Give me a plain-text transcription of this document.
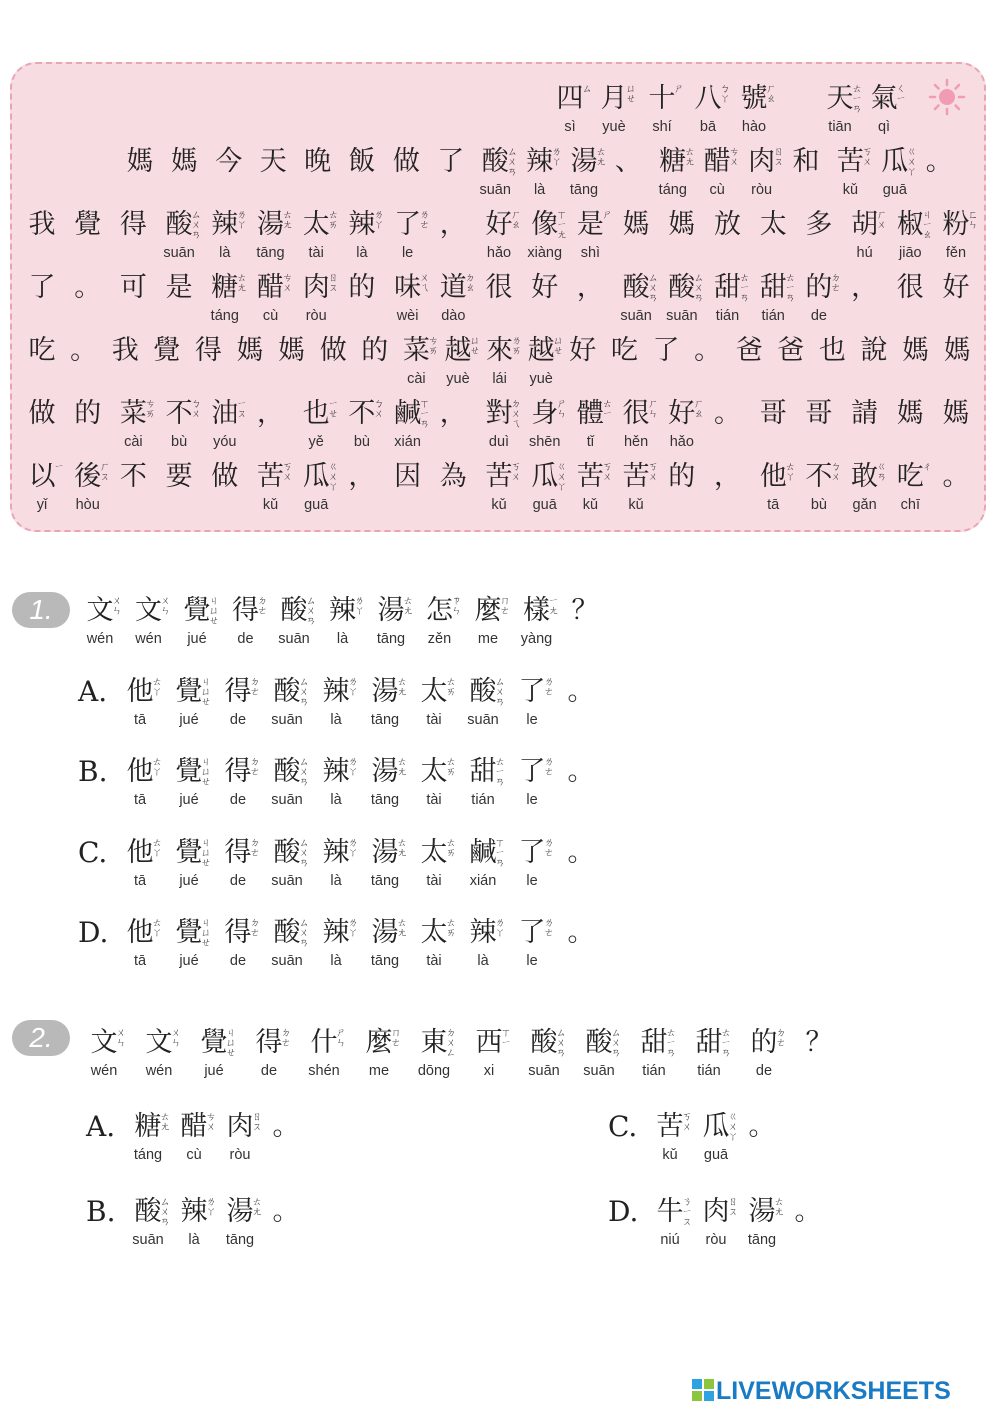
四
ㄙ
sì
月
ㄩㄝ
yuè
十
ㄕ
shí
八
ㄅㄚ
bā
號
ㄏㄠ
hào
天
ㄊㄧㄢ
tiān
氣
ㄑㄧ
qì
媽 媽 今 天 晚 飯 做 了 酸
ㄙㄨㄢ
suān
辣
ㄌㄚ
là
湯
ㄊㄤ
tāng
、 糖
ㄊㄤ
táng
醋
ㄘㄨ
cù
肉
ㄖㄡ
ròu
和 苦
ㄎㄨ
kǔ
瓜
ㄍㄨㄚ
guā
。
我 覺 得 酸
ㄙㄨㄢ
suān
辣
ㄌㄚ
là
湯
ㄊㄤ
tāng
太
ㄊㄞ
tài
辣
ㄌㄚ
là
了
ㄌㄜ
le
， 好
ㄏㄠ
hǎo
像
ㄒㄧㄤ
xiàng
是
ㄕ
shì
媽 媽 放 太 多 胡
ㄏㄨ
hú
椒
ㄐㄧㄠ
jiāo
粉
ㄈㄣ
fěn
了 。 可 是 糖
ㄊㄤ
táng
醋
ㄘㄨ
cù
肉
ㄖㄡ
ròu
的 味
ㄨㄟ
wèi
道
ㄉㄠ
dào
很 好 ， 酸
ㄙㄨㄢ
suān
酸
ㄙㄨㄢ
suān
甜
ㄊㄧㄢ
tián
甜
ㄊㄧㄢ
tián
的
ㄉㄜ
de
， 很 好
吃 。 我 覺 得 媽 媽 做 的 菜
ㄘㄞ
cài
越
ㄩㄝ
yuè
來
ㄌㄞ
lái
越
ㄩㄝ
yuè
好 吃 了 。 爸 爸 也 說 媽 媽
做 的 菜
ㄘㄞ
cài
不
ㄅㄨ
bù
油
ㄧㄡ
yóu
， 也
ㄧㄝ
yě
不
ㄅㄨ
bù
鹹
ㄒㄧㄢ
xián
， 對
ㄉㄨㄟ
duì
身
ㄕㄣ
shēn
體
ㄊㄧ
tǐ
很
ㄏㄣ
hěn
好
ㄏㄠ
hǎo
。 哥 哥 請 媽 媽
以
ㄧ
yǐ
後
ㄏㄡ
hòu
不 要 做 苦
ㄎㄨ
kǔ
瓜
ㄍㄨㄚ
guā
， 因 為 苦
ㄎㄨ
kǔ
瓜
ㄍㄨㄚ
guā
苦
ㄎㄨ
kǔ
苦
ㄎㄨ
kǔ
的 ， 他
ㄊㄚ
tā
不
ㄅㄨ
bù
敢
ㄍㄢ
gǎn
吃
ㄔ
chī
。
1.	文
ㄨㄣ
wén
文
ㄨㄣ
wén
覺
ㄐㄩㄝ
jué
得
ㄉㄜ
de
酸
ㄙㄨㄢ
suān
辣
ㄌㄚ
là
湯
ㄊㄤ
tāng
怎
ㄗㄣ
zěn
麼
ㄇㄜ
me
樣
ㄧㄤ
yàng
？
A. 他
ㄊㄚ
tā
覺
ㄐㄩㄝ
jué
得
ㄉㄜ
de
酸
ㄙㄨㄢ
suān
辣
ㄌㄚ
là
湯
ㄊㄤ
tāng
太
ㄊㄞ
tài
酸
ㄙㄨㄢ
suān
了
ㄌㄜ
le
。
B. 他
ㄊㄚ
tā
覺
ㄐㄩㄝ
jué
得
ㄉㄜ
de
酸
ㄙㄨㄢ
suān
辣
ㄌㄚ
là
湯
ㄊㄤ
tāng
太
ㄊㄞ
tài
甜
ㄊㄧㄢ
tián
了
ㄌㄜ
le
。
C. 他
ㄊㄚ
tā
覺
ㄐㄩㄝ
jué
得
ㄉㄜ
de
酸
ㄙㄨㄢ
suān
辣
ㄌㄚ
là
湯
ㄊㄤ
tāng
太
ㄊㄞ
tài
鹹
ㄒㄧㄢ
xián
了
ㄌㄜ
le
。
D. 他
ㄊㄚ
tā
覺
ㄐㄩㄝ
jué
得
ㄉㄜ
de
酸
ㄙㄨㄢ
suān
辣
ㄌㄚ
là
湯
ㄊㄤ
tāng
太
ㄊㄞ
tài
辣
ㄌㄚ
là
了
ㄌㄜ
le
。
2.	文
ㄨㄣ
wén
文
ㄨㄣ
wén
覺
ㄐㄩㄝ
jué
得
ㄉㄜ
de
什
ㄕㄣ
shén
麼
ㄇㄜ
me
東
ㄉㄨㄥ
dōng
西
ㄒㄧ
xi
酸
ㄙㄨㄢ
suān
酸
ㄙㄨㄢ
suān
甜
ㄊㄧㄢ
tián
甜
ㄊㄧㄢ
tián
的
ㄉㄜ
de
？
A. 糖
ㄊㄤ
táng
醋
ㄘㄨ
cù
肉
ㄖㄡ
ròu
。
B. 酸
ㄙㄨㄢ
suān
辣
ㄌㄚ
là
湯
ㄊㄤ
tāng
。
C. 苦
ㄎㄨ
kǔ
瓜
ㄍㄨㄚ
guā
。
D. 牛
ㄋㄧㄡ
niú
肉
ㄖㄡ
ròu
湯
ㄊㄤ
tāng
。
LIVEWORKSHEETS
